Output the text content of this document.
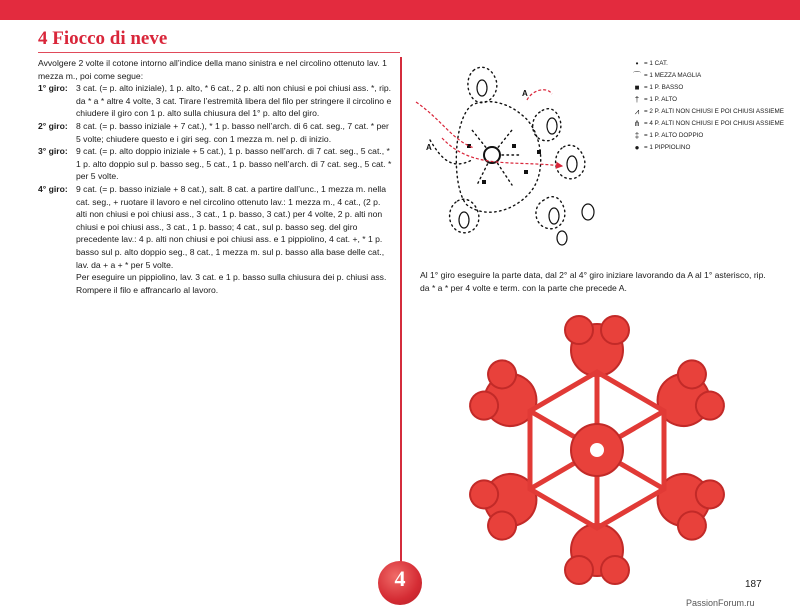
4 Fiocco di neve

Avvolgere 2 volte il cotone intorno all’indice della mano sinistra e nel circolino ottenuto lav. 1 mezza m., poi come segue:

1° giro: 3 cat. (= p. alto iniziale), 1 p. alto, * 6 cat., 2 p. alti non chiusi e poi chiusi ass. *, rip. da * a * altre 4 volte, 3 cat. Tirare l’estremità libera del filo per stringere il circolino e chiudere il giro con 1 p. alto sulla chiusura del 1° p. alto del giro.
2° giro: 8 cat. (= p. basso iniziale + 7 cat.), * 1 p. basso nell’arch. di 6 cat. seg., 7 cat. * per 5 volte; chiudere questo e i giri seg. con 1 mezza m. nel p. di inizio.
3° giro: 9 cat. (= p. alto doppio iniziale + 5 cat.), 1 p. basso nell’arch. di 7 cat. seg., 5 cat., * 1 p. alto doppio sul p. basso seg., 5 cat., 1 p. basso nell’arch. di 7 cat. seg., 5 cat. * per 5 volte.
4° giro: 9 cat. (= p. basso iniziale + 8 cat.), salt. 8 cat. a partire dall’unc., 1 mezza m. nella cat. seg., + ruotare il lavoro e nel circolino ottenuto lav.: 1 mezza m., 4 cat., (2 p. alti non chiusi e poi chiusi ass., 3 cat., 1 p. basso, 3 cat.) per 4 volte, 2 p. alti non chiusi e poi chiusi ass., 3 cat., 1 p. basso; 4 cat., sul p. basso seg. del giro precedente lav.: 4 p. alti non chiusi e poi chiusi ass. e 1 pippiolino, 4 cat. +, * 1 p. basso sul p. alto doppio seg., 8 cat., 1 mezza m. sul p. basso alla base delle cat., lav. da + a + * per 5 volte.

Per eseguire un pippiolino, lav. 3 cat. e 1 p. basso sulla chiusura dei p. chiusi ass. Rompere il filo e affrancarlo al lavoro.

4
A
A
• = 1 CAT.
⌒ = 1 MEZZA MAGLIA
■ = 1 P. BASSO
† = 1 P. ALTO
⩘ = 2 P. ALTI NON CHIUSI E POI CHIUSI ASSIEME
⋔ = 4 P. ALTI NON CHIUSI E POI CHIUSI ASSIEME
‡ = 1 P. ALTO DOPPIO
● = 1 PIPPIOLINO

Al 1° giro eseguire la parte data, dal 2° al 4° giro iniziare lavorando da A al 1° asterisco, rip. da * a * per 4 volte e term. con la parte che precede A.

187
PassionForum.ru
